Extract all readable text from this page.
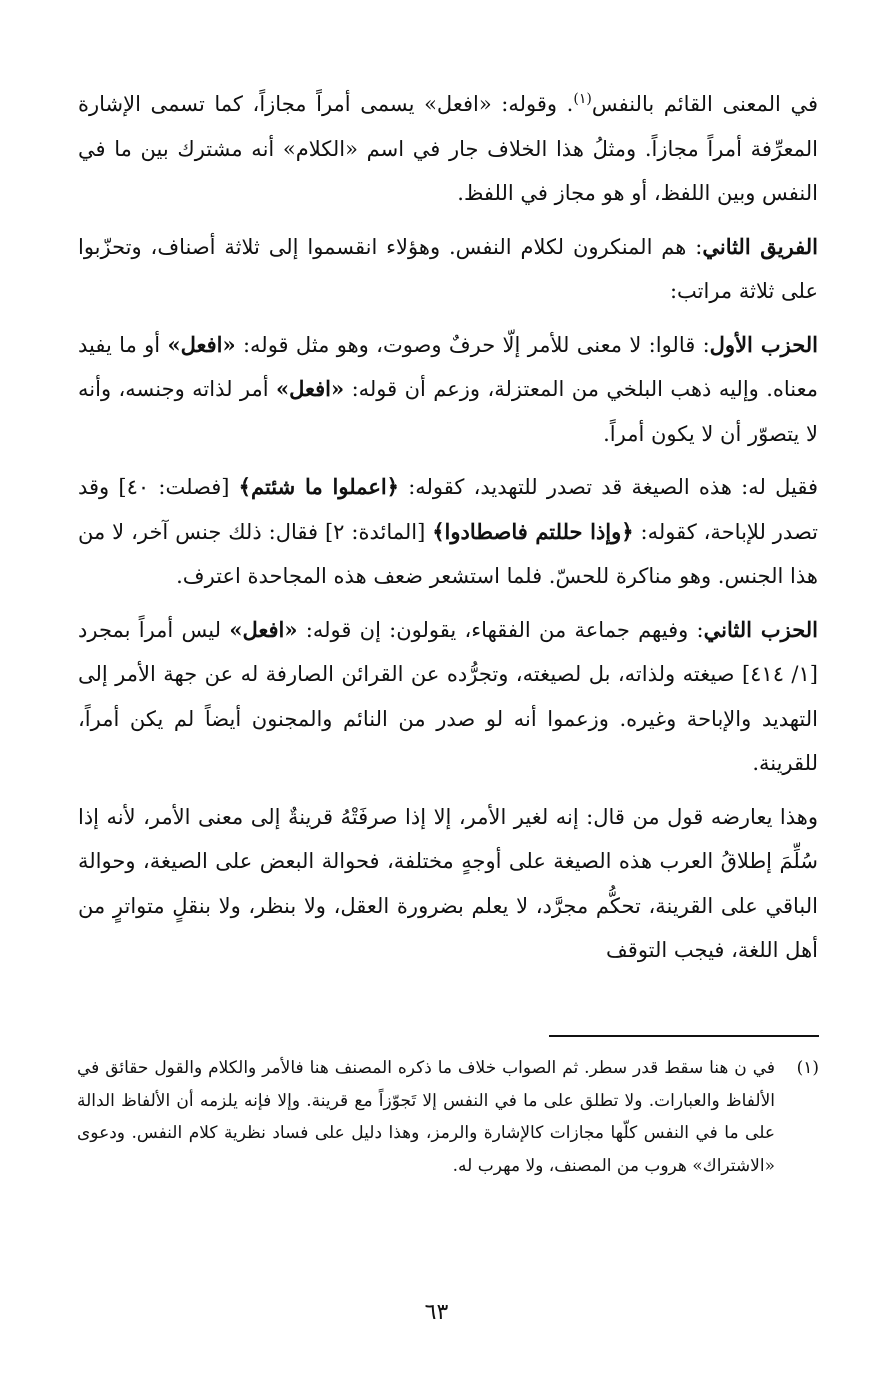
في المعنى القائم بالنفس$^{(١)}$. وقوله: «افعل» يسمى أمراً مجازاً، كما تسمى الإشارة المعرِّفة أمراً مجازاً. ومثلُ هذا الخلاف جار في اسم «الكلام» أنه مشترك بين ما في النفس وبين اللفظ، أو هو مجاز في اللفظ.

الفريق الثاني: هم المنكرون لكلام النفس. وهؤلاء انقسموا إلى ثلاثة أصناف، وتحزّبوا على ثلاثة مراتب:

الحزب الأول: قالوا: لا معنى للأمر إلّا حرفٌ وصوت، وهو مثل قوله: «افعل» أو ما يفيد معناه. وإليه ذهب البلخي من المعتزلة، وزعم أن قوله: «افعل» أمر لذاته وجنسه، وأنه لا يتصوّر أن لا يكون أمراً.

فقيل له: هذه الصيغة قد تصدر للتهديد، كقوله: ﴿اعملوا ما شئتم﴾ [فصلت: ٤٠] وقد تصدر للإباحة، كقوله: ﴿وإذا حللتم فاصطادوا﴾ [المائدة: ٢] فقال: ذلك جنس آخر، لا من هذا الجنس. وهو مناكرة للحسّ. فلما استشعر ضعف هذه المجاحدة اعترف.

الحزب الثاني: وفيهم جماعة من الفقهاء، يقولون: إن قوله: «افعل» ليس أمراً بمجرد [١/ ٤١٤] صيغته ولذاته، بل لصيغته، وتجرُّده عن القرائن الصارفة له عن جهة الأمر إلى التهديد والإباحة وغيره. وزعموا أنه لو صدر من النائم والمجنون أيضاً لم يكن أمراً، للقرينة.

وهذا يعارضه قول من قال: إنه لغير الأمر، إلا إذا صرفَتْهُ قرينةٌ إلى معنى الأمر، لأنه إذا سُلِّمَ إطلاقُ العرب هذه الصيغة على أوجهٍ مختلفة، فحوالة البعض على الصيغة، وحوالة الباقي على القرينة، تحكُّم مجرَّد، لا يعلم بضرورة العقل، ولا بنظر، ولا بنقلٍ متواترٍ من أهل اللغة، فيجب التوقف

(١)
في ن هنا سقط قدر سطر. ثم الصواب خلاف ما ذكره المصنف هنا فالأمر والكلام والقول حقائق في الألفاظ والعبارات. ولا تطلق على ما في النفس إلا تَجوّزاً مع قرينة. وإلا فإنه يلزمه أن الألفاظ الدالة على ما في النفس كلّها مجازات كالإشارة والرمز، وهذا دليل على فساد نظرية كلام النفس. ودعوى «الاشتراك» هروب من المصنف، ولا مهرب له.
٦٣
